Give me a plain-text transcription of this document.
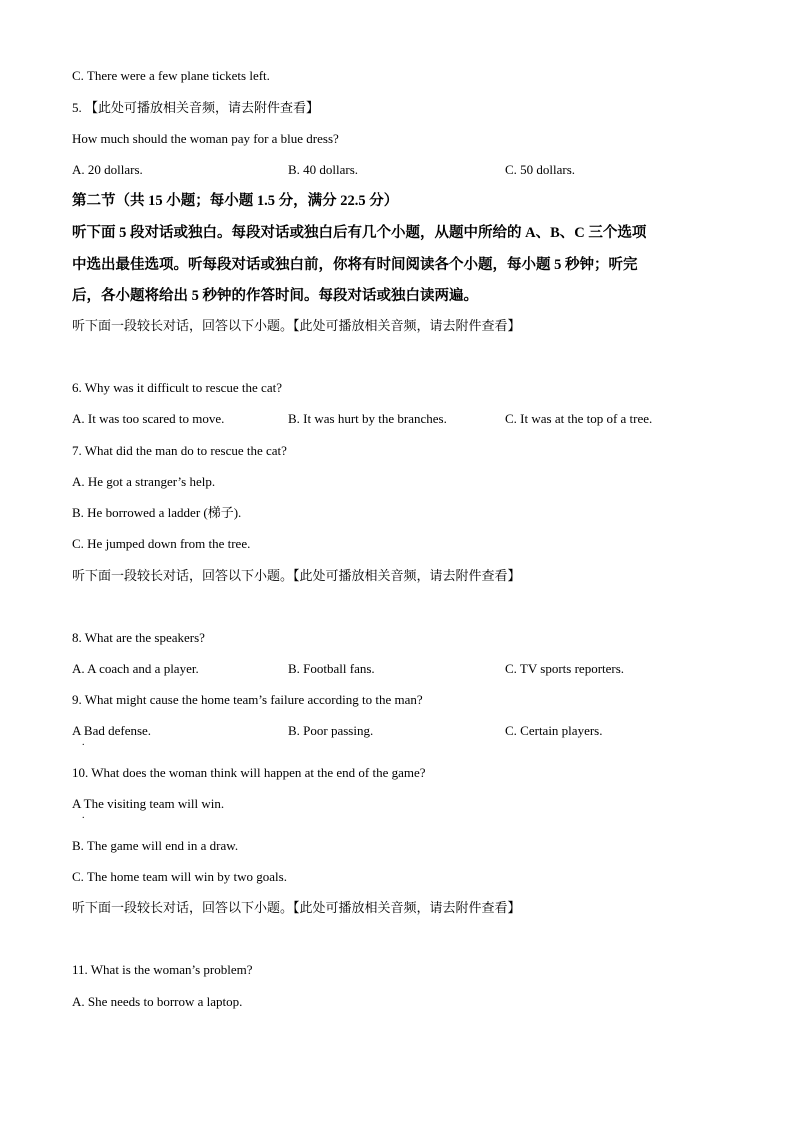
C. There were a few plane tickets left.
5. 【此处可播放相关音频，请去附件查看】
How much should the woman pay for a blue dress?
A. 20 dollars.	B. 40 dollars.	C. 50 dollars.
第二节（共 15 小题；每小题 1.5 分，满分 22.5 分）
听下面 5 段对话或独白。每段对话或独白后有几个小题，从题中所给的 A、B、C 三个选项
中选出最佳选项。听每段对话或独白前，你将有时间阅读各个小题，每小题 5 秒钟；听完
后，各小题将给出 5 秒钟的作答时间。每段对话或独白读两遍。
听下面一段较长对话，回答以下小题。【此处可播放相关音频，请去附件查看】
6. Why was it difficult to rescue the cat?
A. It was too scared to move.	B. It was hurt by the branches.	C. It was at the top of a tree.
7. What did the man do to rescue the cat?
A. He got a stranger’s help.
B. He borrowed a ladder (梯子).
C. He jumped down from the tree.
听下面一段较长对话，回答以下小题。【此处可播放相关音频，请去附件查看】
8. What are the speakers?
A. A coach and a player.	B. Football fans.	C. TV sports reporters.
9. What might cause the home team’s failure according to the man?
A Bad defense.
.
B. Poor passing.	C. Certain players.
10. What does the woman think will happen at the end of the game?
A The visiting team will win.
.
B. The game will end in a draw.
C. The home team will win by two goals.
听下面一段较长对话，回答以下小题。【此处可播放相关音频，请去附件查看】
11. What is the woman’s problem?
A. She needs to borrow a laptop.
